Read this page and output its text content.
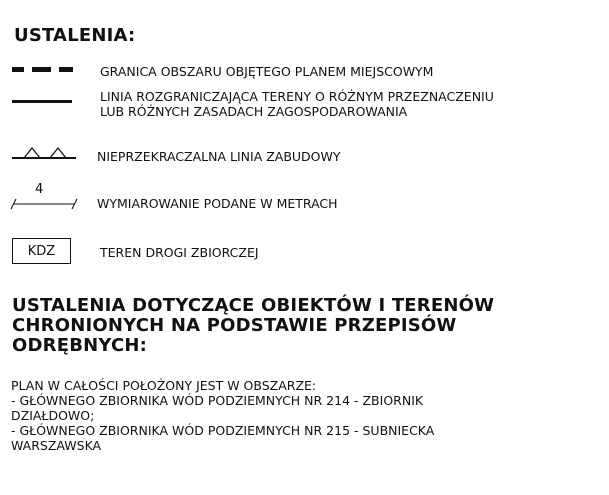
USTALENIA:
GRANICA OBSZARU OBJĘTEGO PLANEM MIEJSCOWYM
LINIA ROZGRANICZAJĄCA TERENY O RÓŻNYM PRZEZNACZENIU
LUB RÓŻNYCH ZASADACH ZAGOSPODAROWANIA
NIEPRZEKRACZALNA LINIA ZABUDOWY
4
WYMIAROWANIE PODANE W METRACH
KDZ	TEREN DROGI ZBIORCZEJ
USTALENIA DOTYCZĄCE OBIEKTÓW I TERENÓW
CHRONIONYCH NA PODSTAWIE PRZEPISÓW
ODRĘBNYCH:
PLAN W CAŁOŚCI POŁOŻONY JEST W OBSZARZE:
- GŁÓWNEGO ZBIORNIKA WÓD PODZIEMNYCH NR 214 - ZBIORNIK
DZIAŁDOWO;
- GŁÓWNEGO ZBIORNIKA WÓD PODZIEMNYCH NR 215 - SUBNIECKA
WARSZAWSKA
